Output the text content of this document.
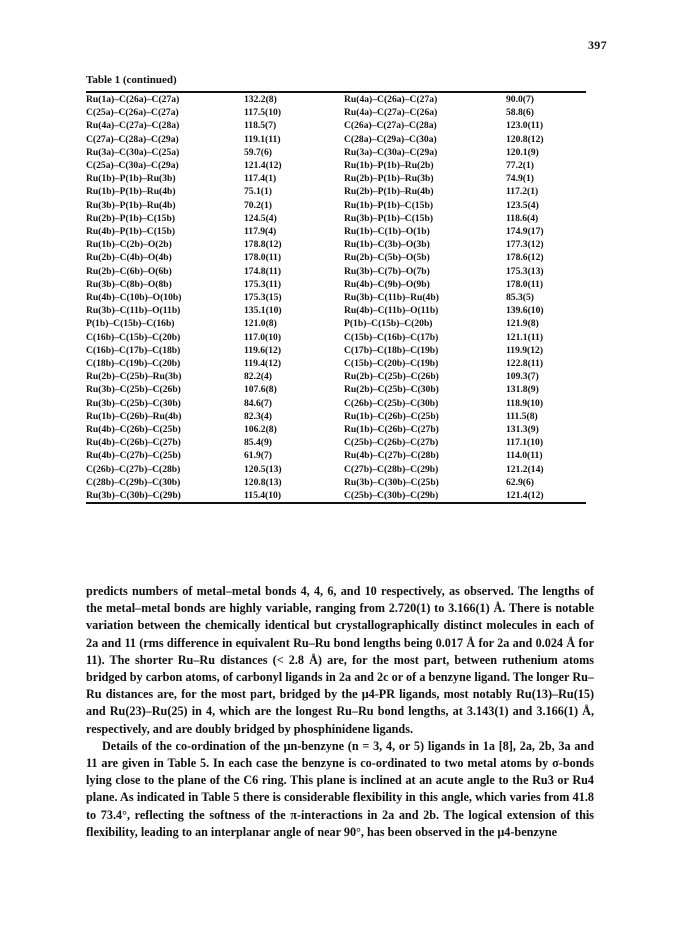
397
Table 1 (continued)

Ru(1a)–C(26a)–C(27a)	132.2(8)	Ru(4a)–C(26a)–C(27a)	90.0(7)
C(25a)–C(26a)–C(27a)	117.5(10)	Ru(4a)–C(27a)–C(26a)	58.8(6)
Ru(4a)–C(27a)–C(28a)	118.5(7)	C(26a)–C(27a)–C(28a)	123.0(11)
C(27a)–C(28a)–C(29a)	119.1(11)	C(28a)–C(29a)–C(30a)	120.8(12)
Ru(3a)–C(30a)–C(25a)	59.7(6)	Ru(3a)–C(30a)–C(29a)	120.1(9)
C(25a)–C(30a)–C(29a)	121.4(12)	Ru(1b)–P(1b)–Ru(2b)	77.2(1)
Ru(1b)–P(1b)–Ru(3b)	117.4(1)	Ru(2b)–P(1b)–Ru(3b)	74.9(1)
Ru(1b)–P(1b)–Ru(4b)	75.1(1)	Ru(2b)–P(1b)–Ru(4b)	117.2(1)
Ru(3b)–P(1b)–Ru(4b)	70.2(1)	Ru(1b)–P(1b)–C(15b)	123.5(4)
Ru(2b)–P(1b)–C(15b)	124.5(4)	Ru(3b)–P(1b)–C(15b)	118.6(4)
Ru(4b)–P(1b)–C(15b)	117.9(4)	Ru(1b)–C(1b)–O(1b)	174.9(17)
Ru(1b)–C(2b)–O(2b)	178.8(12)	Ru(1b)–C(3b)–O(3b)	177.3(12)
Ru(2b)–C(4b)–O(4b)	178.0(11)	Ru(2b)–C(5b)–O(5b)	178.6(12)
Ru(2b)–C(6b)–O(6b)	174.8(11)	Ru(3b)–C(7b)–O(7b)	175.3(13)
Ru(3b)–C(8b)–O(8b)	175.3(11)	Ru(4b)–C(9b)–O(9b)	178.0(11)
Ru(4b)–C(10b)–O(10b)	175.3(15)	Ru(3b)–C(11b)–Ru(4b)	85.3(5)
Ru(3b)–C(11b)–O(11b)	135.1(10)	Ru(4b)–C(11b)–O(11b)	139.6(10)
P(1b)–C(15b)–C(16b)	121.0(8)	P(1b)–C(15b)–C(20b)	121.9(8)
C(16b)–C(15b)–C(20b)	117.0(10)	C(15b)–C(16b)–C(17b)	121.1(11)
C(16b)–C(17b)–C(18b)	119.6(12)	C(17b)–C(18b)–C(19b)	119.9(12)
C(18b)–C(19b)–C(20b)	119.4(12)	C(15b)–C(20b)–C(19b)	122.8(11)
Ru(2b)–C(25b)–Ru(3b)	82.2(4)	Ru(2b)–C(25b)–C(26b)	109.3(7)
Ru(3b)–C(25b)–C(26b)	107.6(8)	Ru(2b)–C(25b)–C(30b)	131.8(9)
Ru(3b)–C(25b)–C(30b)	84.6(7)	C(26b)–C(25b)–C(30b)	118.9(10)
Ru(1b)–C(26b)–Ru(4b)	82.3(4)	Ru(1b)–C(26b)–C(25b)	111.5(8)
Ru(4b)–C(26b)–C(25b)	106.2(8)	Ru(1b)–C(26b)–C(27b)	131.3(9)
Ru(4b)–C(26b)–C(27b)	85.4(9)	C(25b)–C(26b)–C(27b)	117.1(10)
Ru(4b)–C(27b)–C(25b)	61.9(7)	Ru(4b)–C(27b)–C(28b)	114.0(11)
C(26b)–C(27b)–C(28b)	120.5(13)	C(27b)–C(28b)–C(29b)	121.2(14)
C(28b)–C(29b)–C(30b)	120.8(13)	Ru(3b)–C(30b)–C(25b)	62.9(6)
Ru(3b)–C(30b)–C(29b)	115.4(10)	C(25b)–C(30b)–C(29b)	121.4(12)

predicts numbers of metal–metal bonds 4, 4, 6, and 10 respectively, as observed. The lengths of the metal–metal bonds are highly variable, ranging from 2.720(1) to 3.166(1) Å. There is notable variation between the chemically identical but crystallographically distinct molecules in each of 2a and 11 (rms difference in equivalent Ru–Ru bond lengths being 0.017 Å for 2a and 0.024 Å for 11). The shorter Ru–Ru distances (< 2.8 Å) are, for the most part, between ruthenium atoms bridged by carbon atoms, of carbonyl ligands in 2a and 2c or of a benzyne ligand. The longer Ru–Ru distances are, for the most part, bridged by the μ4-PR ligands, most notably Ru(13)–Ru(15) and Ru(23)–Ru(25) in 4, which are the longest Ru–Ru bond lengths, at 3.143(1) and 3.166(1) Å, respectively, and are doubly bridged by phosphinidene ligands.

Details of the co-ordination of the μn-benzyne (n = 3, 4, or 5) ligands in 1a [8], 2a, 2b, 3a and 11 are given in Table 5. In each case the benzyne is co-ordinated to two metal atoms by σ-bonds lying close to the plane of the C6 ring. This plane is inclined at an acute angle to the Ru3 or Ru4 plane. As indicated in Table 5 there is considerable flexibility in this angle, which varies from 41.8 to 73.4°, reflecting the softness of the π-interactions in 2a and 2b. The logical extension of this flexibility, leading to an interplanar angle of near 90°, has been observed in the μ4-benzyne
